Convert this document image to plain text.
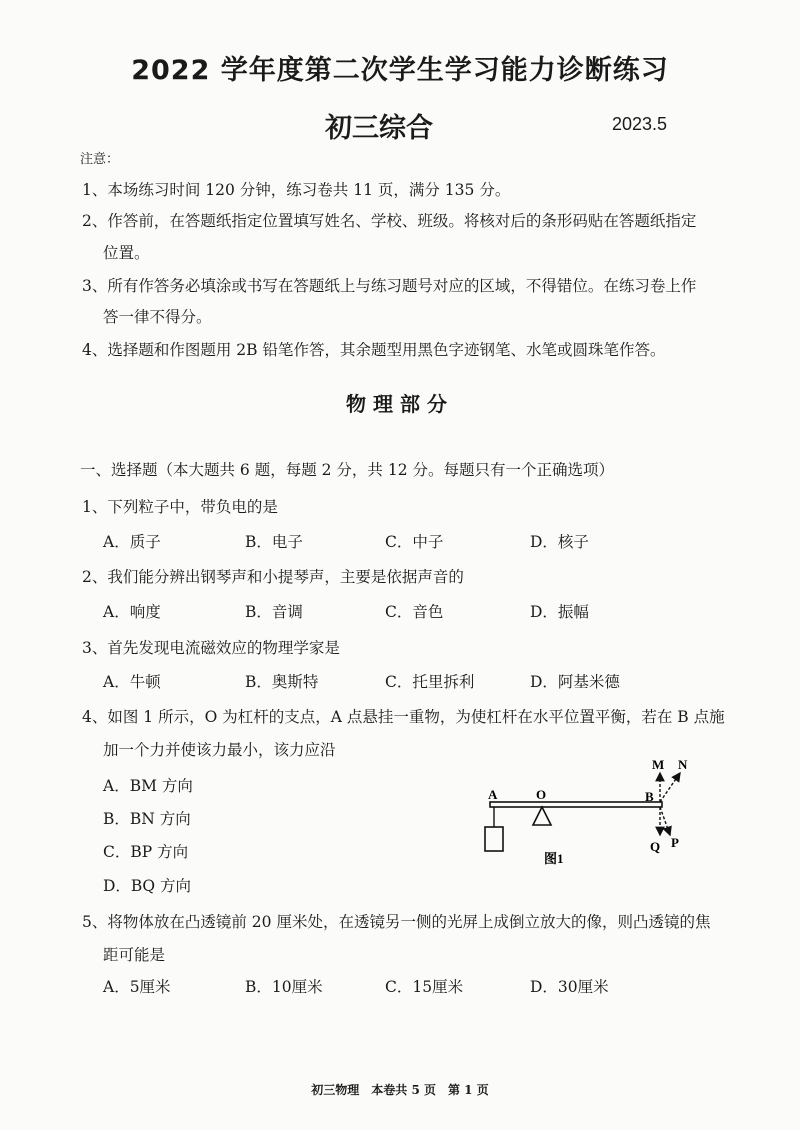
2022 学年度第二次学生学习能力诊断练习
初三综合	2023.5
注意：
1、本场练习时间 120 分钟，练习卷共 11 页，满分 135 分。
2、作答前，在答题纸指定位置填写姓名、学校、班级。将核对后的条形码贴在答题纸指定
位置。
3、所有作答务必填涂或书写在答题纸上与练习题号对应的区域，不得错位。在练习卷上作
答一律不得分。
4、选择题和作图题用 2B 铅笔作答，其余题型用黑色字迹钢笔、水笔或圆珠笔作答。
物理部分
一、选择题（本大题共 6 题，每题 2 分，共 12 分。每题只有一个正确选项）
1、下列粒子中，带负电的是
A．质子	B．电子	C．中子	D．核子
2、我们能分辨出钢琴声和小提琴声，主要是依据声音的
A．响度	B．音调	C．音色	D．振幅
3、首先发现电流磁效应的物理学家是
A．牛顿	B．奥斯特	C．托里拆利	D．阿基米德
4、如图 1 所示，O 为杠杆的支点，A 点悬挂一重物，为使杠杆在水平位置平衡，若在 B 点施
加一个力并使该力最小，该力应沿
A．BM 方向
B．BN 方向
C．BP 方向
D．BQ 方向
A	O	B
M N
Q P
图1
5、将物体放在凸透镜前 20 厘米处，在透镜另一侧的光屏上成倒立放大的像，则凸透镜的焦
距可能是
A．5厘米	B．10厘米	C．15厘米	D．30厘米
初三物理　本卷共 5 页　第 1 页
